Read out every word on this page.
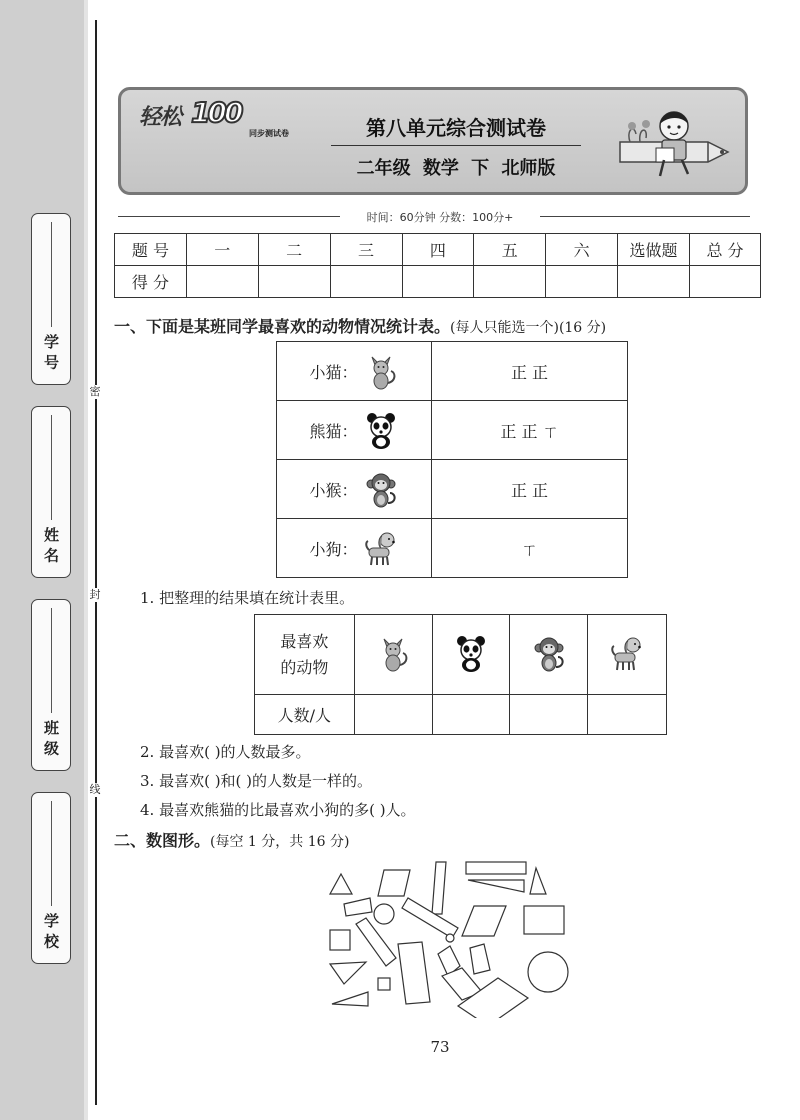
密
封
线
学 号
姓 名
班 级
学 校
轻松 100
同步测试卷	第八单元综合测试卷
二年级 数学 下 北师版
时间：60分钟 分数：100分+
题 号	一	二	三	四	五	六	选做题	总 分
得 分								
一、下面是某班同学最喜欢的动物情况统计表。(每人只能选一个)(16 分)
小猫：	正 正
熊猫：	正 正 ㄒ
小猴：	正 正
小狗：	ㄒ
1. 把整理的结果填在统计表里。
最喜欢
的动物				
人数/人				
2. 最喜欢( )的人数最多。
3. 最喜欢( )和( )的人数是一样的。
4. 最喜欢熊猫的比最喜欢小狗的多( )人。
二、数图形。(每空 1 分，共 16 分)
73
